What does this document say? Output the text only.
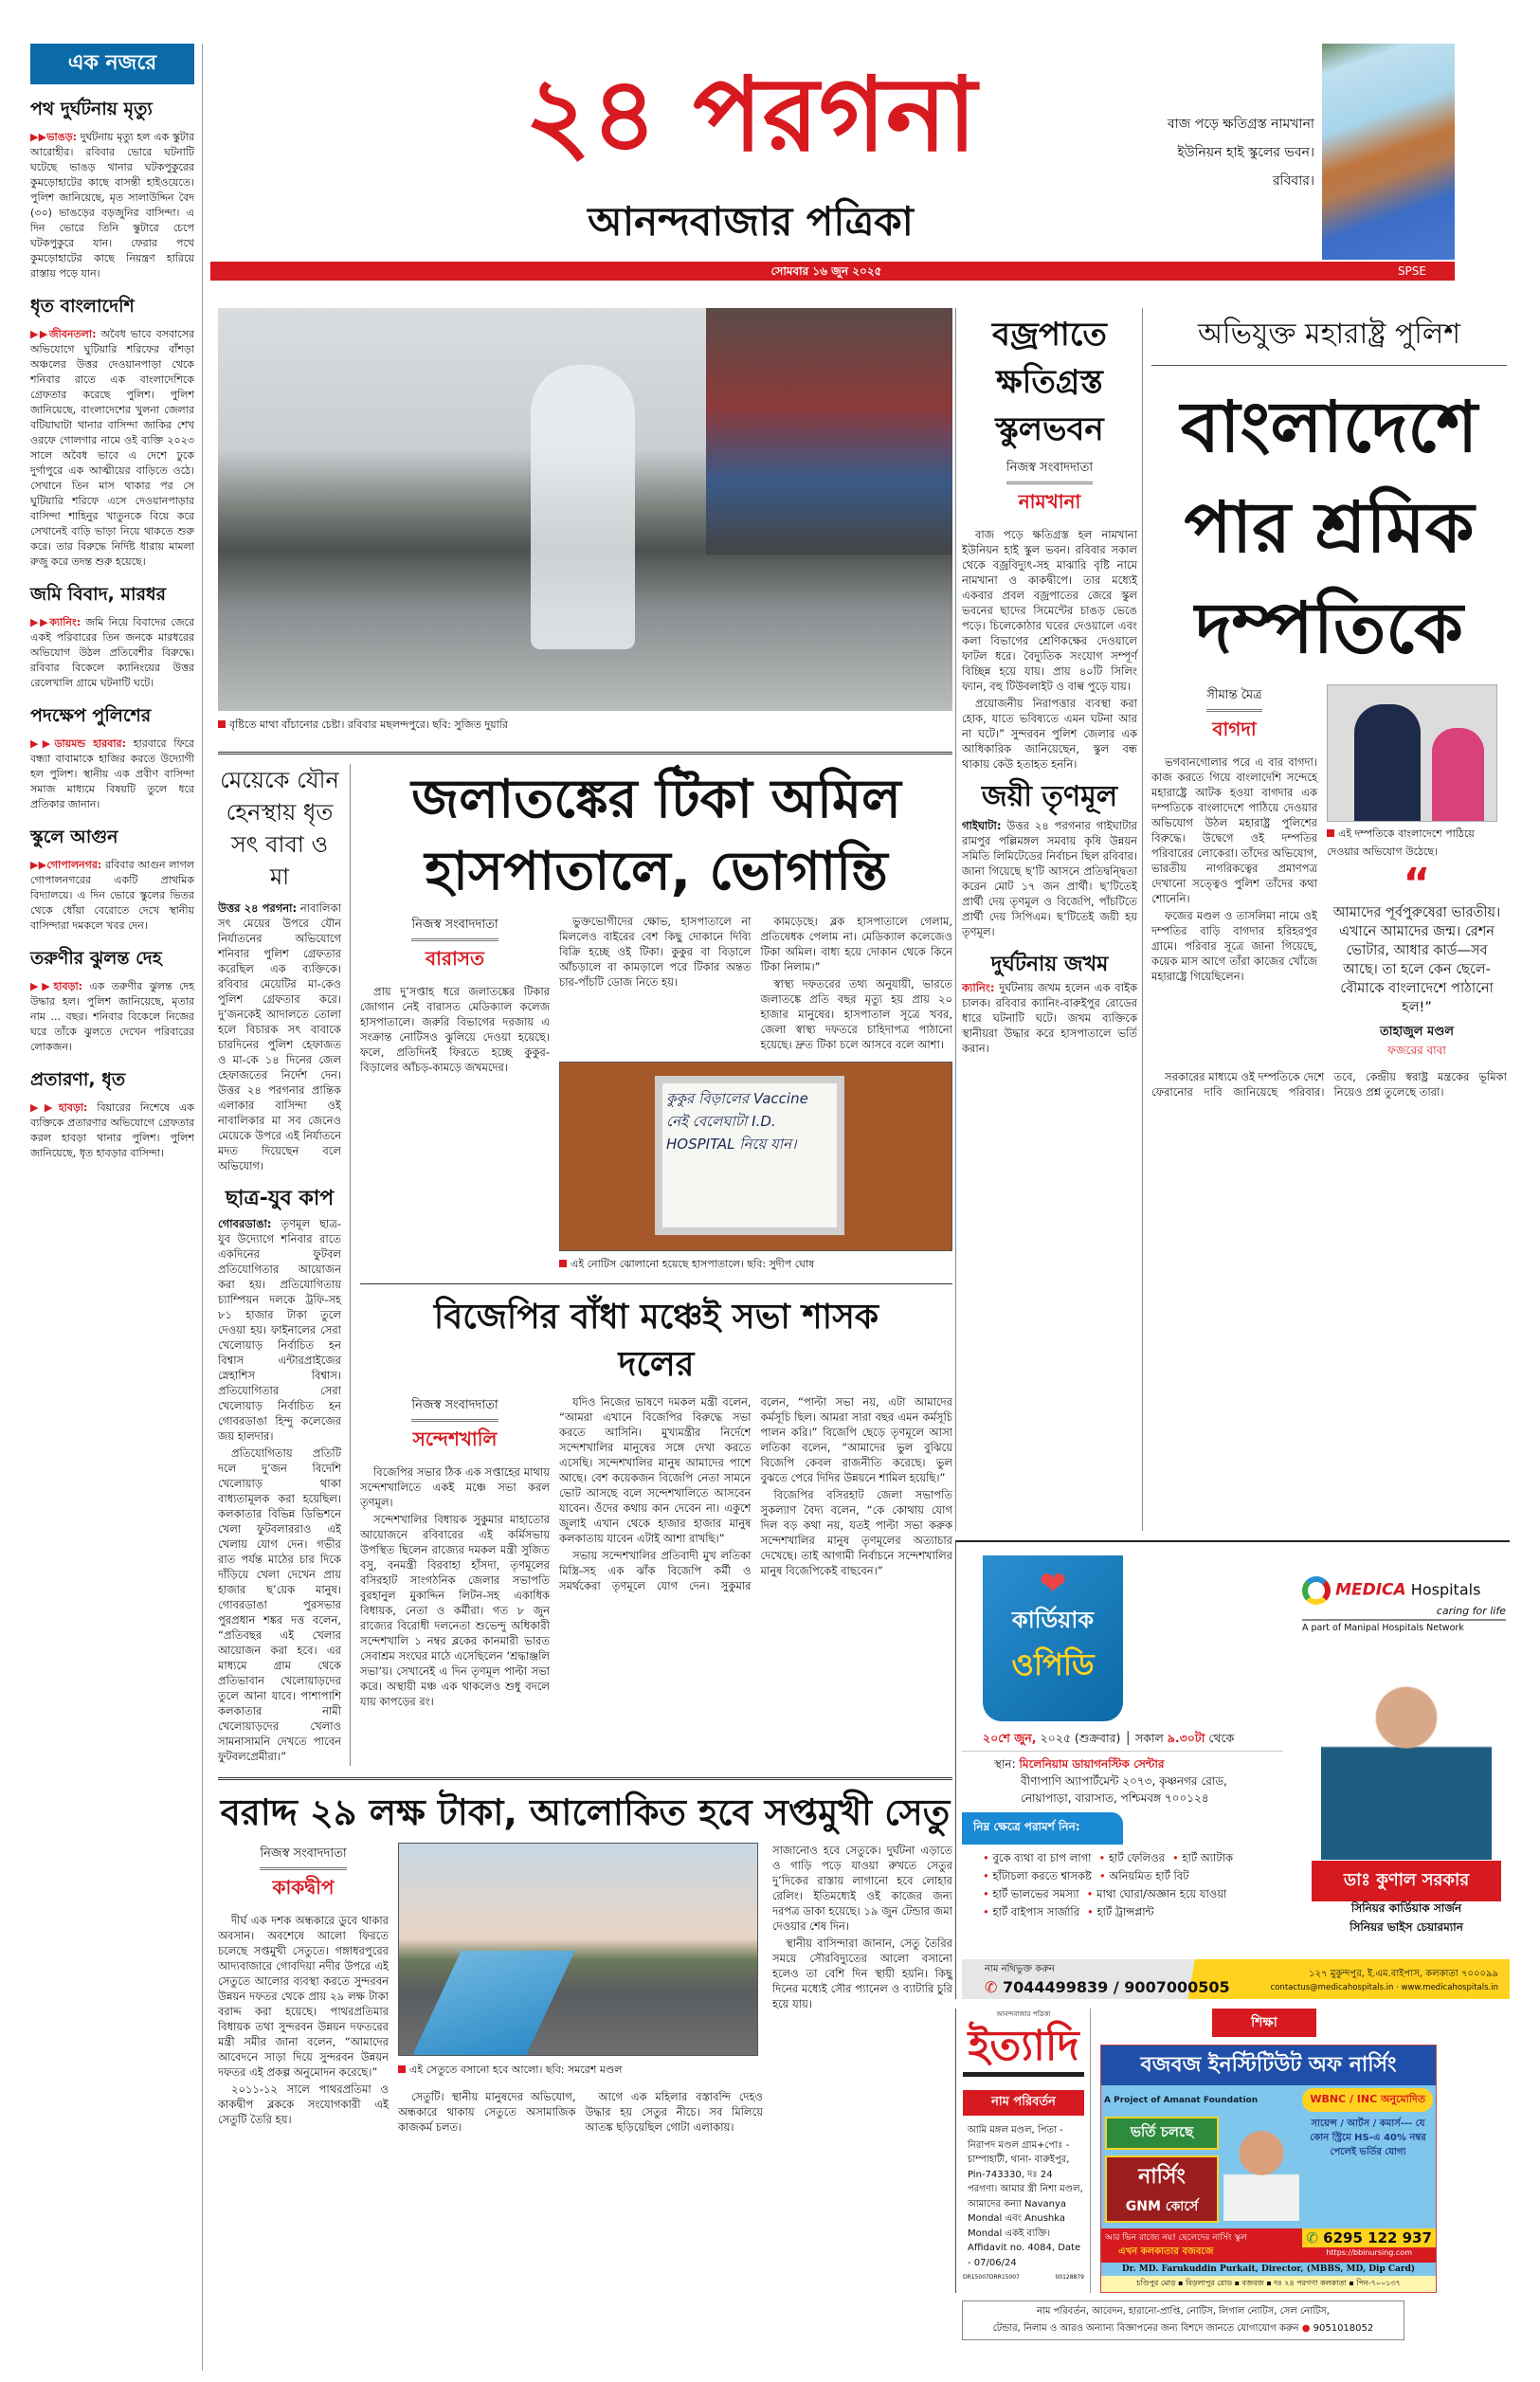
এক নজরে
পথ দুর্ঘটনায় মৃত্যু
▶▶ভাঙড়: দুর্ঘটনায় মৃত্যু হল এক স্কুটার আরোহীর। রবিবার ভোরে ঘটনাটি ঘটেছে ভাঙড় থানার ঘটকপুকুরের কুমড়োহাটের কাছে বাসন্তী হাইওয়েতে। পুলিশ জানিয়েছে, মৃত সালাউদ্দিন বৈদ (৩০) ভাঙড়ের বড়জুনির বাসিন্দা। এ দিন ভোরে তিনি স্কুটারে চেপে ঘটকপুকুরে যান। ফেরার পথে কুমড়োহাটের কাছে নিয়ন্ত্রণ হারিয়ে রাস্তায় পড়ে যান।
ধৃত বাংলাদেশি
▶▶জীবনতলা: অবৈধ ভাবে বসবাসের অভিযোগে ঘুটিয়ারি শরিফের বাঁশড়া অঞ্চলের উত্তর দেওয়ানপাড়া থেকে শনিবার রাতে এক বাংলাদেশিকে গ্রেফতার করেছে পুলিশ। পুলিশ জানিয়েছে, বাংলাদেশের খুলনা জেলার বটিয়াঘাটা থানার বাসিন্দা জাকির শেখ ওরফে গোলগার নামে ওই ব্যক্তি ২০২৩ সালে অবৈধ ভাবে এ দেশে ঢুকে দুর্গাপুরে এক আত্মীয়ের বাড়িতে ওঠে। সেখানে তিন মাস থাকার পর সে ঘুটিয়ারি শরিফে এসে দেওয়ানপাড়ার বাসিন্দা শাহিনুর খাতুনকে বিয়ে করে সেখানেই বাড়ি ভাড়া নিয়ে থাকতে শুরু করে। তার বিরুদ্ধে নির্দিষ্ট ধারায় মামলা রুজু করে তদন্ত শুরু হয়েছে।
জমি বিবাদ, মারধর
▶▶ক্যানিং: জমি নিয়ে বিবাদের জেরে একই পরিবারের তিন জনকে মারধরের অভিযোগ উঠল প্রতিবেশীর বিরুদ্ধে। রবিবার বিকেলে ক্যানিংয়ের উত্তর রেলেখালি গ্রামে ঘটনাটি ঘটে।
পদক্ষেপ পুলিশের
▶▶ডায়মন্ড হারবার: হারবারে ফিরে বন্ধ্যা বাবামাকে হাজির করতে উদ্যোগী হল পুলিশ। স্থানীয় এক প্রবীণ বাসিন্দা সমাজ মাধ্যমে বিষয়টি তুলে ধরে প্রতিকার জানান।
স্কুলে আগুন
▶▶গোপালনগর: রবিবার আগুন লাগল গোপালনগরের একটি প্রাথমিক বিদ্যালয়ে। এ দিন ভোরে স্কুলের ভিতর থেকে ধোঁয়া বেরোতে দেখে স্থানীয় বাসিন্দারা দমকলে খবর দেন।
তরুণীর ঝুলন্ত দেহ
▶▶হাবড়া: এক তরুণীর ঝুলন্ত দেহ উদ্ধার হল। পুলিশ জানিয়েছে, মৃতার নাম ... বছর। শনিবার বিকেলে নিজের ঘরে তাঁকে ঝুলতে দেখেন পরিবারের লোকজন।
প্রতারণা, ধৃত
▶▶হাবড়া: বিয়ারের নিশেষে এক ব্যক্তিকে প্রতারণার অভিযোগে গ্রেফতার করল হাবড়া থানার পুলিশ। পুলিশ জানিয়েছে, ধৃত হাবড়ার বাসিন্দা।
২৪ পরগনা
আনন্দবাজার পত্রিকা
বাজ পড়ে ক্ষতিগ্রস্ত নামখানা ইউনিয়ন হাই স্কুলের ভবন। রবিবার।
সোমবার ১৬ জুন ২০২৫	SPSE
বৃষ্টিতে মাথা বাঁচানোর চেষ্টা। রবিবার মছলন্দপুরে। ছবি: সুজিত দুয়ারি
বজ্রপাতে ক্ষতিগ্রস্ত স্কুলভবন
নিজস্ব সংবাদদাতা
নামখানা

বাজ পড়ে ক্ষতিগ্রস্ত হল নামখানা ইউনিয়ন হাই স্কুল ভবন। রবিবার সকাল থেকে বজ্রবিদ্যুৎ-সহ মাঝারি বৃষ্টি নামে নামখানা ও কাকদ্বীপে। তার মধ্যেই একবার প্রবল বজ্রপাতের জেরে স্কুল ভবনের ছাদের সিমেন্টের চাঙড় ভেঙে পড়ে। চিলেকোঠার ঘরের দেওয়ালে এবং কলা বিভাগের শ্রেণিকক্ষের দেওয়ালে ফাটল ধরে। বৈদ্যুতিক সংযোগ সম্পূর্ণ বিচ্ছিন্ন হয়ে যায়। প্রায় ৪০টি সিলিং ফ্যান, বহু টিউবলাইট ও বাল্ব পুড়ে যায়।

প্রয়োজনীয় নিরাপত্তার ব্যবস্থা করা হোক, যাতে ভবিষ্যতে এমন ঘটনা আর না ঘটে।” সুন্দরবন পুলিশ জেলার এক আধিকারিক জানিয়েছেন, স্কুল বন্ধ থাকায় কেউ হতাহত হননি।

জয়ী তৃণমূল
গাইঘাটা: উত্তর ২৪ পরগনার গাইঘাটার রামপুর পল্লিমঙ্গল সমবায় কৃষি উন্নয়ন সমিতি লিমিটেডের নির্বাচন ছিল রবিবার। জানা গিয়েছে ছ’টি আসনে প্রতিদ্বন্দ্বিতা করেন মোট ১৭ জন প্রার্থী। ছ’টিতেই প্রার্থী দেয় তৃণমূল ও বিজেপি, পাঁচটিতে প্রার্থী দেয় সিপিএম। ছ’টিতেই জয়ী হয় তৃণমূল।
দুর্ঘটনায় জখম
ক্যানিং: দুর্ঘটনায় জখম হলেন এক বাইক চালক। রবিবার ক্যানিং-বারুইপুর রোডের ধারে ঘটনাটি ঘটে। জখম ব্যক্তিকে স্থানীয়রা উদ্ধার করে হাসপাতালে ভর্তি করান।
অভিযুক্ত মহারাষ্ট্র পুলিশ
বাংলাদেশে পার শ্রমিক দম্পতিকে
সীমান্ত মৈত্র
বাগদা

ভগবানগোলার পরে এ বার বাগদা। কাজ করতে গিয়ে বাংলাদেশি সন্দেহে মহারাষ্ট্রে আটক হওয়া বাগদার এক দম্পতিকে বাংলাদেশে পাঠিয়ে দেওয়ার অভিযোগ উঠল মহারাষ্ট্র পুলিশের বিরুদ্ধে। উদ্বেগে ওই দম্পতির পরিবারের লোকেরা। তাঁদের অভিযোগ, ভারতীয় নাগরিকত্বের প্রমাণপত্র দেখানো সত্ত্বেও পুলিশ তাঁদের কথা শোনেনি।

ফজের মণ্ডল ও তাসলিমা নামে ওই দম্পতির বাড়ি বাগদার হরিহরপুর গ্রামে। পরিবার সূত্রে জানা গিয়েছে, কয়েক মাস আগে তাঁরা কাজের খোঁজে মহারাষ্ট্রে গিয়েছিলেন।

এই দম্পতিকে বাংলাদেশে পাঠিয়ে দেওয়ার অভিযোগ উঠেছে।
“
আমাদের পূর্বপুরুষেরা ভারতীয়। এখানে আমাদের জন্ম। রেশন ভোটার, আধার কার্ড—সব আছে। তা হলে কেন ছেলে-বৌমাকে বাংলাদেশে পাঠানো হল!”
তাহাজুল মণ্ডল
ফজরের বাবা

সরকারের মাধ্যমে ওই দম্পতিকে দেশে ফেরানোর দাবি জানিয়েছে পরিবার। তবে, কেন্দ্রীয় স্বরাষ্ট্র মন্ত্রকের ভূমিকা নিয়েও প্রশ্ন তুলেছে তারা।

মেয়েকে যৌন হেনস্থায় ধৃত সৎ বাবা ও মা
উত্তর ২৪ পরগনা: নাবালিকা সৎ মেয়ের উপরে যৌন নির্যাতনের অভিযোগে শনিবার পুলিশ গ্রেফতার করেছিল এক ব্যক্তিকে। রবিবার মেয়েটির মা-কেও পুলিশ গ্রেফতার করে। দু’জনকেই আদালতে তোলা হলে বিচারক সৎ বাবাকে চারদিনের পুলিশ হেফাজত ও মা-কে ১৪ দিনের জেল হেফাজতের নির্দেশ দেন। উত্তর ২৪ পরগনার প্রান্তিক এলাকার বাসিন্দা ওই নাবালিকার মা সব জেনেও মেয়েকে উপরে এই নির্যাতনে মদত দিয়েছেন বলে অভিযোগ।
ছাত্র-যুব কাপ

গোবরডাঙা: তৃণমূল ছাত্র-যুব উদ্যোগে শনিবার রাতে একদিনের ফুটবল প্রতিযোগিতার আয়োজন করা হয়। প্রতিযোগিতায় চ্যাম্পিয়ন দলকে ট্রফি-সহ ৮১ হাজার টাকা তুলে দেওয়া হয়। ফাইনালের সেরা খেলোয়াড় নির্বাচিত হন বিশ্বাস এন্টারপ্রাইজের স্নেহাশিস বিশ্বাস। প্রতিযোগিতার সেরা খেলোয়াড় নির্বাচিত হন গোবরডাঙা হিন্দু কলেজের জয় হালদার।

প্রতিযোগিতায় প্রতিটি দলে দু’জন বিদেশি খেলোয়াড় থাকা বাধ্যতামূলক করা হয়েছিল। কলকাতার বিভিন্ন ডিভিশনে খেলা ফুটবলাররাও এই খেলায় যোগ দেন। গভীর রাত পর্যন্ত মাঠের চার দিকে দাঁড়িয়ে খেলা দেখেন প্রায় হাজার ছ’য়েক মানুষ। গোবরডাঙা পুরসভার পুরপ্রধান শঙ্কর দত্ত বলেন, “প্রতিবছর এই খেলার আয়োজন করা হবে। এর মাধ্যমে গ্রাম থেকে প্রতিভাবান খেলোয়াড়দের তুলে আনা যাবে। পাশাপাশি কলকাতার নামী খেলোয়াড়দের খেলাও সামনাসামনি দেখতে পাবেন ফুটবলপ্রেমীরা।”

জলাতঙ্কের টিকা অমিল হাসপাতালে, ভোগান্তি
নিজস্ব সংবাদদাতা
বারাসত

প্রায় দু’সপ্তাহ ধরে জলাতঙ্কের টিকার জোগান নেই বারাসত মেডিক্যাল কলেজ হাসপাতালে। জরুরি বিভাগের দরজায় এ সংক্রান্ত নোটিসও ঝুলিয়ে দেওয়া হয়েছে। ফলে, প্রতিদিনই ফিরতে হচ্ছে কুকুর-বিড়ালের আঁচড়-কামড়ে জখমদের।

ভুক্তভোগীদের ক্ষোভ, হাসপাতালে না মিললেও বাইরের বেশ কিছু দোকানে দিব্যি বিক্রি হচ্ছে ওই টিকা। কুকুর বা বিড়ালে আঁচড়ালে বা কামড়ালে পরে টিকার অন্তত চার-পাঁচটি ডোজ নিতে হয়।

কামড়েছে। ব্লক হাসপাতালে গেলাম, প্রতিষেধক পেলাম না। মেডিক্যাল কলেজেও টিকা অমিল। বাধ্য হয়ে দোকান থেকে কিনে টিকা নিলাম।”

স্বাস্থ্য দফতরের তথ্য অনুযায়ী, ভারতে জলাতঙ্কে প্রতি বছর মৃত্যু হয় প্রায় ২০ হাজার মানুষের। হাসপাতাল সূত্রে খবর, জেলা স্বাস্থ্য দফতরে চাহিদাপত্র পাঠানো হয়েছে। দ্রুত টিকা চলে আসবে বলে আশা।

কুকুর বিড়ালের Vaccine নেই বেলেঘাটা I.D. HOSPITAL নিয়ে যান।
এই নোটিস ঝোলানো হয়েছে হাসপাতালে। ছবি: সুদীপ ঘোষ
বিজেপির বাঁধা মঞ্চেই সভা শাসক দলের
নিজস্ব সংবাদদাতা
সন্দেশখালি

বিজেপির সভার ঠিক এক সপ্তাহের মাথায় সন্দেশখালিতে একই মঞ্চে সভা করল তৃণমূল।

সন্দেশখালির বিধায়ক সুকুমার মাহাতোর আয়োজনে রবিবারের এই কর্মিসভায় উপস্থিত ছিলেন রাজ্যের দমকল মন্ত্রী সুজিত বসু, বনমন্ত্রী বিরবাহা হাঁসদা, তৃণমূলের বসিরহাট সাংগঠনিক জেলার সভাপতি বুরহানুল মুকাদ্দিন লিটন-সহ একাধিক বিধায়ক, নেতা ও কর্মীরা। গত ৮ জুন রাজ্যের বিরোধী দলনেতা শুভেন্দু অধিকারী সন্দেশখালি ১ নম্বর ব্লকের কানমারী ভারত সেবাশ্রম সংঘের মাঠে এসেছিলেন ‘শ্রদ্ধাঞ্জলি সভা’য়। সেখানেই এ দিন তৃণমূল পাল্টা সভা করে। অস্থায়ী মঞ্চ এক থাকলেও শুধু বদলে যায় কাপড়ের রং।

যদিও নিজের ভাষণে দমকল মন্ত্রী বলেন, “আমরা এখানে বিজেপির বিরুদ্ধে সভা করতে আসিনি। মুখ্যমন্ত্রীর নির্দেশে সন্দেশখালির মানুষের সঙ্গে দেখা করতে এসেছি। সন্দেশখালির মানুষ আমাদের পাশে আছে। বেশ কয়েকজন বিজেপি নেতা সামনে ভোট আসছে বলে সন্দেশখালিতে আসবেন যাবেন। ওঁদের কথায় কান দেবেন না। একুশে জুলাই এখান থেকে হাজার হাজার মানুষ কলকাতায় যাবেন এটাই আশা রাখছি।”

সভায় সন্দেশখালির প্রতিবাদী মুখ লতিকা মিস্ত্রি-সহ এক ঝাঁক বিজেপি কর্মী ও সমর্থকেরা তৃণমূলে যোগ দেন। সুকুমার বলেন, “পাল্টা সভা নয়, এটা আমাদের কর্মসূচি ছিল। আমরা সারা বছর এমন কর্মসূচি পালন করি।” বিজেপি ছেড়ে তৃণমূলে আসা লতিকা বলেন, “আমাদের ভুল বুঝিয়ে বিজেপি কেবল রাজনীতি করেছে। ভুল বুঝতে পেরে দিদির উন্নয়নে শামিল হয়েছি।”

বিজেপির বসিরহাট জেলা সভাপতি সুকল্যাণ বৈদ্য বলেন, “কে কোথায় যোগ দিল বড় কথা নয়, যতই পাল্টা সভা করুক সন্দেশখালির মানুষ তৃণমূলের অত্যাচার দেখেছে। তাই আগামী নির্বাচনে সন্দেশখালির মানুষ বিজেপিকেই বাছবেন।”

বরাদ্দ ২৯ লক্ষ টাকা, আলোকিত হবে সপ্তমুখী সেতু
নিজস্ব সংবাদদাতা
কাকদ্বীপ

দীর্ঘ এক দশক অন্ধকারে ডুবে থাকার অবসান। অবশেষে আলো ফিরতে চলেছে সপ্তমুখী সেতুতে। গঙ্গাধরপুরের আদ্যবাজারে গোবদিয়া নদীর উপরে এই সেতুতে আলোর ব্যবস্থা করতে সুন্দরবন উন্নয়ন দফতর থেকে প্রায় ২৯ লক্ষ টাকা বরাদ্দ করা হয়েছে। পাথরপ্রতিমার বিধায়ক তথা সুন্দরবন উন্নয়ন দফতরের মন্ত্রী সমীর জানা বলেন, “আমাদের আবেদনে সাড়া দিয়ে সুন্দরবন উন্নয়ন দফতর এই প্রকল্প অনুমোদন করেছে।”

২০১১-১২ সালে পাথরপ্রতিমা ও কাকদ্বীপ ব্লককে সংযোগকারী এই সেতুটি তৈরি হয়।

এই সেতুতে বসানো হবে আলো। ছবি: সমরেশ মণ্ডল

সেতুটি। স্থানীয় মানুষদের অভিযোগ, অন্ধকারে থাকায় সেতুতে অসামাজিক কাজকর্ম চলত।

আগে এক মহিলার বস্তাবন্দি দেহও উদ্ধার হয় সেতুর নীচে। সব মিলিয়ে আতঙ্ক ছড়িয়েছিল গোটা এলাকায়।

সাজানোও হবে সেতুকে। দুর্ঘটনা এড়াতে ও গাড়ি পড়ে যাওয়া রুখতে সেতুর দু’দিকের রাস্তায় লাগানো হবে লোহার রেলিং। ইতিমধ্যেই ওই কাজের জন্য দরপত্র ডাকা হয়েছে। ১৯ জুন টেন্ডার জমা দেওয়ার শেষ দিন।

স্থানীয় বাসিন্দারা জানান, সেতু তৈরির সময়ে সৌরবিদ্যুতের আলো বসানো হলেও তা বেশি দিন স্থায়ী হয়নি। কিছু দিনের মধ্যেই সৌর প্যানেল ও ব্যাটারি চুরি হয়ে যায়।

❤
কার্ডিয়াক
ওপিডি
MEDICA Hospitals
caring for life
A part of Manipal Hospitals Network
ডাঃ কুণাল সরকার
সিনিয়র কার্ডিয়াক সার্জন
সিনিয়র ভাইস চেয়ারম্যান
২০শে জুন, ২০২৫ (শুক্রবার) │ সকাল ৯.৩০টা থেকে
স্থান: মিলেনিয়াম ডায়াগনস্টিক সেন্টার
বীণাপাণি অ্যাপার্টমেন্ট ২০৭৩, কৃষ্ণনগর রোড,
নোয়াপাড়া, বারাসাত, পশ্চিমবঙ্গ ৭০০১২৪
নিম্ন ক্ষেত্রে পরামর্শ নিন:
• বুকে ব্যথা বা চাপ লাগা • হার্ট ফেলিওর • হার্ট অ্যাটাক• হাঁটাচলা করতে শ্বাসকষ্ট • অনিয়মিত হার্ট বিট• হার্ট ভালভের সমস্যা • মাথা ঘোরা/অজ্ঞান হয়ে যাওয়া• হার্ট বাইপাস সার্জারি • হার্ট ট্রান্সপ্লান্ট
নাম নথিভুক্ত করুন
✆ 7044499839 / 9007000505
১২৭ মুকুন্দপুর, ই.এম.বাইপাস, কলকাতা ৭০০০৯৯
contactus@medicahospitals.in · www.medicahospitals.in
আনন্দবাজার পত্রিকা
ইত্যাদি
নাম পরিবর্তন
আমি মঙ্গল মণ্ডল, পিতা - নিরাপদ মণ্ডল গ্রাম+পোঃ - চাম্পাহাটী, থানা- বারুইপুর, Pin-743330, দঃ 24 পরগণা। আমার স্ত্রী নিশা মণ্ডল, আমাদের কন্যা Navanya Mondal এবং Anushka Mondal একই ব্যক্তি। Affidavit no. 4084, Date - 07/06/24
DR15007DRR15007	00128879
শিক্ষা
বজবজ ইনস্টিটিউট অফ নার্সিং
A Project of Amanat Foundation	WBNC / INC অনুমোদিত
ভর্তি চলছে
নার্সিং
GNM কোর্সে
সায়েন্স / আর্টস / কমার্স--- যে কোন স্ট্রিমে HS-এ 40% নম্বর পেলেই ভর্তির যোগ্য
আর ভিন রাজ্যে নয়! ছেলেদের নার্সিং স্কুল
এখন কলকাতার বজবজে
✆ 6295 122 937
https://bbinursing.com
Dr. MD. Farukuddin Purkait, Director, (MBBS, MD, Dip Card)
চণ্ডিপুর মোড় ▪ বিড়লাপুর রোড ▪ বজবজ ▪ দঃ ২৪ পরগণা কলকাতা ▪ পিন-৭০০১৩৭
নাম পরিবর্তন, আবেদন, হারানো-প্রাপ্তি, নোটিস, লিগাল নোটিস, সেল নোটিস,
টেন্ডার, নিলাম ও আরও অন্যান্য বিজ্ঞাপনের জন্য বিশদে জানতে যোগাযোগ করুন ● 9051018052
